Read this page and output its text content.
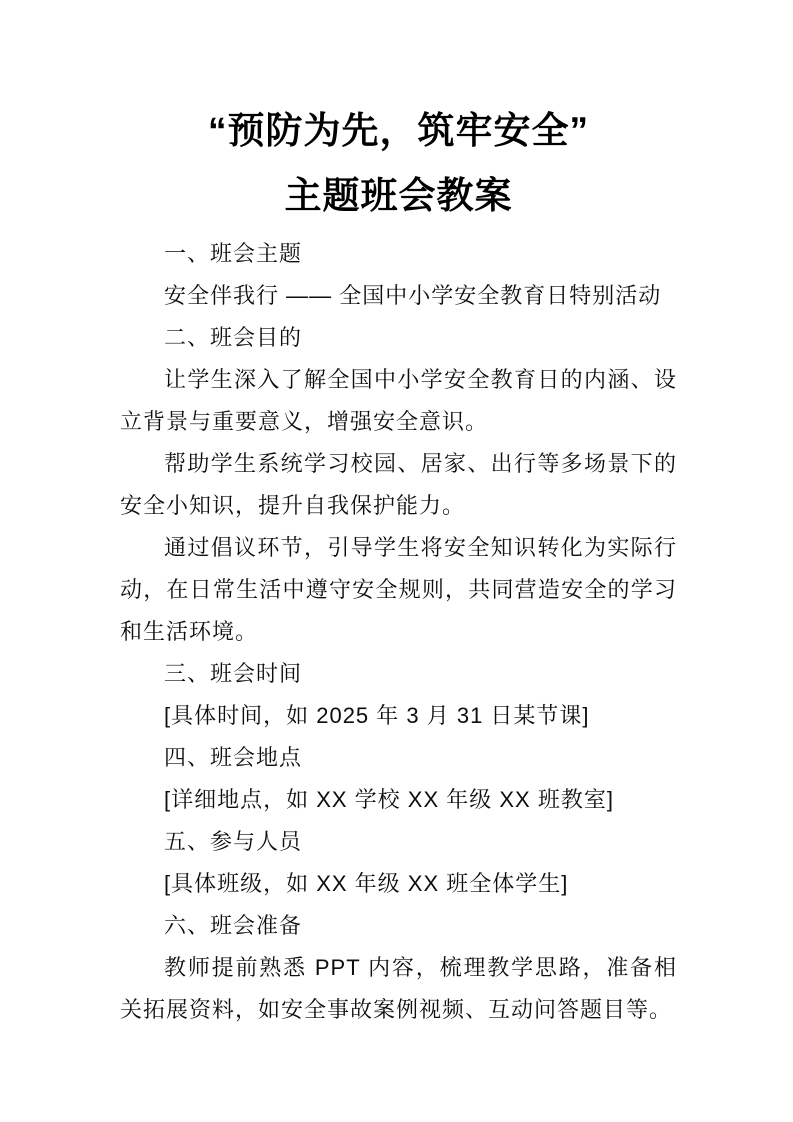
“预防为先，筑牢安全”
主题班会教案

一、班会主题

安全伴我行 —— 全国中小学安全教育日特别活动

二、班会目的

让学生深入了解全国中小学安全教育日的内涵、设立背景与重要意义，增强安全意识。

帮助学生系统学习校园、居家、出行等多场景下的安全小知识，提升自我保护能力。

通过倡议环节，引导学生将安全知识转化为实际行动，在日常生活中遵守安全规则，共同营造安全的学习和生活环境。

三、班会时间

[具体时间，如 2025 年 3 月 31 日某节课]

四、班会地点

[详细地点，如 XX 学校 XX 年级 XX 班教室]

五、参与人员

[具体班级，如 XX 年级 XX 班全体学生]

六、班会准备

教师提前熟悉 PPT 内容，梳理教学思路，准备相关拓展资料，如安全事故案例视频、互动问答题目等。
